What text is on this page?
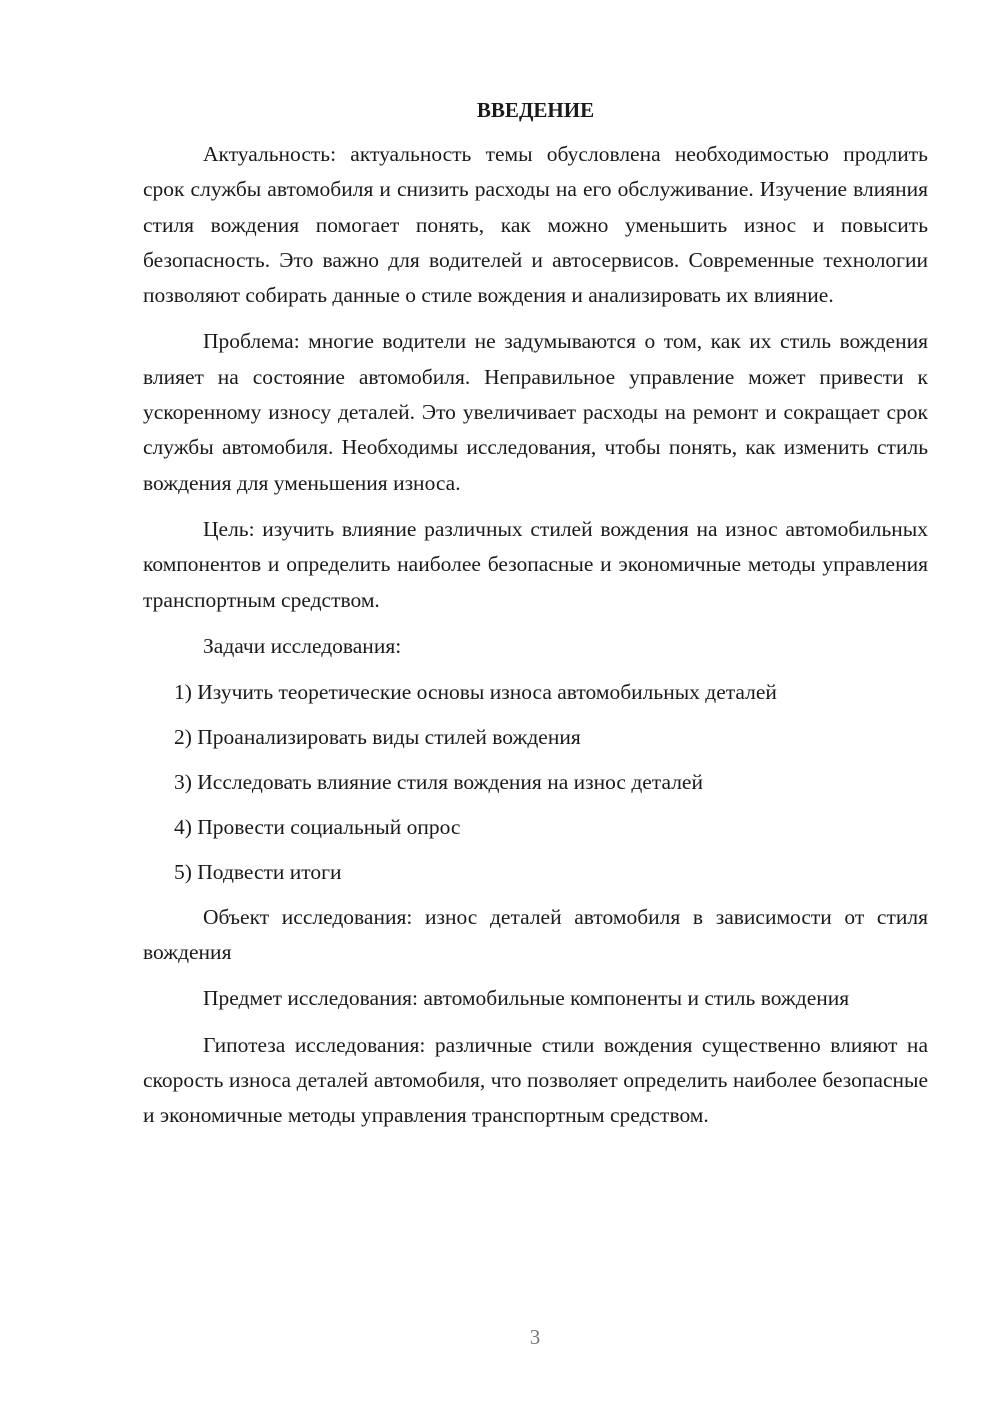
ВВЕДЕНИЕ

Актуальность: актуальность темы обусловлена необходимостью продлить срок службы автомобиля и снизить расходы на его обслуживание. Изучение влияния стиля вождения помогает понять, как можно уменьшить износ и повысить безопасность. Это важно для водителей и автосервисов. Современные технологии позволяют собирать данные о стиле вождения и анализировать их влияние.

Проблема: многие водители не задумываются о том, как их стиль вождения влияет на состояние автомобиля. Неправильное управление может привести к ускоренному износу деталей. Это увеличивает расходы на ремонт и сокращает срок службы автомобиля. Необходимы исследования, чтобы понять, как изменить стиль вождения для уменьшения износа.

Цель: изучить влияние различных стилей вождения на износ автомобильных компонентов и определить наиболее безопасные и экономичные методы управления транспортным средством.

Задачи исследования:

1) Изучить теоретические основы износа автомобильных деталей
2) Проанализировать виды стилей вождения
3) Исследовать влияние стиля вождения на износ деталей
4) Провести социальный опрос
5) Подвести итоги

Объект исследования: износ деталей автомобиля в зависимости от стиля вождения

Предмет исследования: автомобильные компоненты и стиль вождения

Гипотеза исследования: различные стили вождения существенно влияют на скорость износа деталей автомобиля, что позволяет определить наиболее безопасные и экономичные методы управления транспортным средством.

3
